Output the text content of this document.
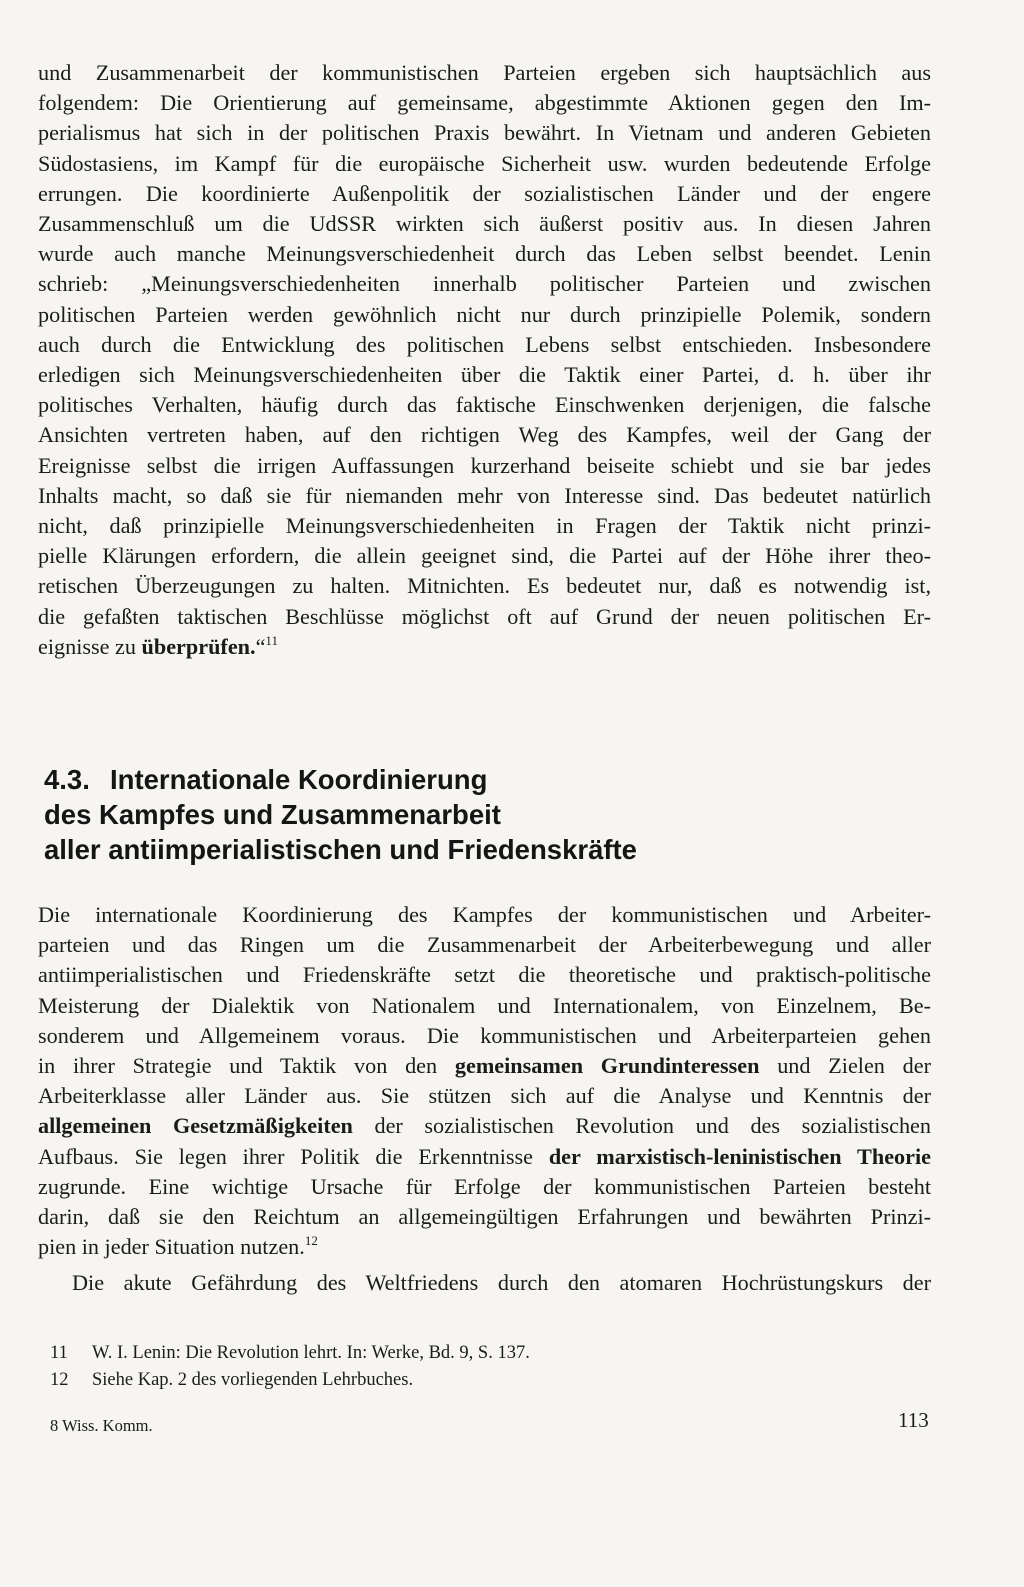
und Zusammenarbeit der kommunistischen Parteien ergeben sich hauptsächlich aus
folgendem: Die Orientierung auf gemeinsame, abgestimmte Aktionen gegen den Im-
perialismus hat sich in der politischen Praxis bewährt. In Vietnam und anderen Gebieten
Südostasiens, im Kampf für die europäische Sicherheit usw. wurden bedeutende Erfolge
errungen. Die koordinierte Außenpolitik der sozialistischen Länder und der engere
Zusammenschluß um die UdSSR wirkten sich äußerst positiv aus. In diesen Jahren
wurde auch manche Meinungsverschiedenheit durch das Leben selbst beendet. Lenin
schrieb: „Meinungsverschiedenheiten innerhalb politischer Parteien und zwischen
politischen Parteien werden gewöhnlich nicht nur durch prinzipielle Polemik, sondern
auch durch die Entwicklung des politischen Lebens selbst entschieden. Insbesondere
erledigen sich Meinungsverschiedenheiten über die Taktik einer Partei, d. h. über ihr
politisches Verhalten, häufig durch das faktische Einschwenken derjenigen, die falsche
Ansichten vertreten haben, auf den richtigen Weg des Kampfes, weil der Gang der
Ereignisse selbst die irrigen Auffassungen kurzerhand beiseite schiebt und sie bar jedes
Inhalts macht, so daß sie für niemanden mehr von Interesse sind. Das bedeutet natürlich
nicht, daß prinzipielle Meinungsverschiedenheiten in Fragen der Taktik nicht prinzi-
pielle Klärungen erfordern, die allein geeignet sind, die Partei auf der Höhe ihrer theo-
retischen Überzeugungen zu halten. Mitnichten. Es bedeutet nur, daß es notwendig ist,
die gefaßten taktischen Beschlüsse möglichst oft auf Grund der neuen politischen Er-
eignisse zu überprüfen.“$^{11}$
4.3. Internationale Koordinierung
des Kampfes und Zusammenarbeit
aller antiimperialistischen und Friedenskräfte
Die internationale Koordinierung des Kampfes der kommunistischen und Arbeiter-
parteien und das Ringen um die Zusammenarbeit der Arbeiterbewegung und aller
antiimperialistischen und Friedenskräfte setzt die theoretische und praktisch-politische
Meisterung der Dialektik von Nationalem und Internationalem, von Einzelnem, Be-
sonderem und Allgemeinem voraus. Die kommunistischen und Arbeiterparteien gehen
in ihrer Strategie und Taktik von den gemeinsamen Grundinteressen und Zielen der
Arbeiterklasse aller Länder aus. Sie stützen sich auf die Analyse und Kenntnis der
allgemeinen Gesetzmäßigkeiten der sozialistischen Revolution und des sozialistischen
Aufbaus. Sie legen ihrer Politik die Erkenntnisse der marxistisch-leninistischen Theorie
zugrunde. Eine wichtige Ursache für Erfolge der kommunistischen Parteien besteht
darin, daß sie den Reichtum an allgemeingültigen Erfahrungen und bewährten Prinzi-
pien in jeder Situation nutzen.$^{12}$
Die akute Gefährdung des Weltfriedens durch den atomaren Hochrüstungskurs der
11 W. I. Lenin: Die Revolution lehrt. In: Werke, Bd. 9, S. 137.
12 Siehe Kap. 2 des vorliegenden Lehrbuches.
8 Wiss. Komm.	113
